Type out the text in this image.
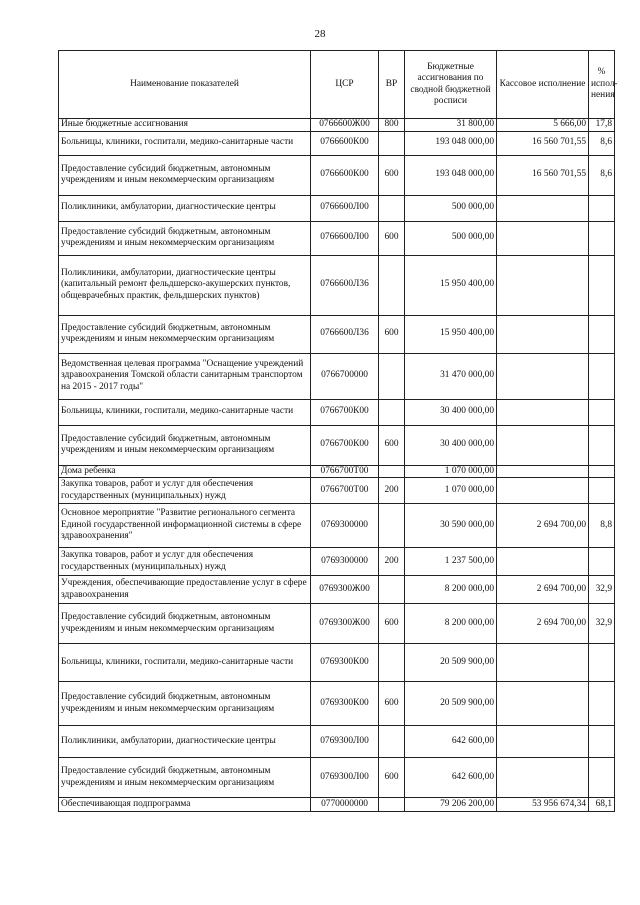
28
Наименование показателей	ЦСР	ВР	Бюджетные ассигнования по сводной бюджетной росписи	Кассовое исполнение	% испол-нения
Иные бюджетные ассигнования	0766600Ж00	800	31 800,00	5 666,00	17,8
Больницы, клиники, госпитали, медико-санитарные части	0766600К00		193 048 000,00	16 560 701,55	8,6
Предоставление субсидий бюджетным, автономным учреждениям и иным некоммерческим организациям	0766600К00	600	193 048 000,00	16 560 701,55	8,6
Поликлиники, амбулатории, диагностические центры	0766600Л00		500 000,00		
Предоставление субсидий бюджетным, автономным учреждениям и иным некоммерческим организациям	0766600Л00	600	500 000,00		
Поликлиники, амбулатории, диагностические центры (капитальный ремонт фельдшерско-акушерских пунктов, общеврачебных практик, фельдшерских пунктов)	0766600Л36		15 950 400,00		
Предоставление субсидий бюджетным, автономным учреждениям и иным некоммерческим организациям	0766600Л36	600	15 950 400,00		
Ведомственная целевая программа "Оснащение учреждений здравоохранения Томской области санитарным транспортом на 2015 - 2017 годы"	0766700000		31 470 000,00		
Больницы, клиники, госпитали, медико-санитарные части	0766700К00		30 400 000,00		
Предоставление субсидий бюджетным, автономным учреждениям и иным некоммерческим организациям	0766700К00	600	30 400 000,00		
Дома ребенка	0766700Т00		1 070 000,00		
Закупка товаров, работ и услуг для обеспечения государственных (муниципальных) нужд	0766700Т00	200	1 070 000,00		
Основное мероприятие "Развитие регионального сегмента Единой государственной информационной системы в сфере здравоохранения"	0769300000		30 590 000,00	2 694 700,00	8,8
Закупка товаров, работ и услуг для обеспечения государственных (муниципальных) нужд	0769300000	200	1 237 500,00		
Учреждения, обеспечивающие предоставление услуг в сфере здравоохранения	0769300Ж00		8 200 000,00	2 694 700,00	32,9
Предоставление субсидий бюджетным, автономным учреждениям и иным некоммерческим организациям	0769300Ж00	600	8 200 000,00	2 694 700,00	32,9
Больницы, клиники, госпитали, медико-санитарные части	0769300К00		20 509 900,00		
Предоставление субсидий бюджетным, автономным учреждениям и иным некоммерческим организациям	0769300К00	600	20 509 900,00		
Поликлиники, амбулатории, диагностические центры	0769300Л00		642 600,00		
Предоставление субсидий бюджетным, автономным учреждениям и иным некоммерческим организациям	0769300Л00	600	642 600,00		
Обеспечивающая подпрограмма	0770000000		79 206 200,00	53 956 674,34	68,1
